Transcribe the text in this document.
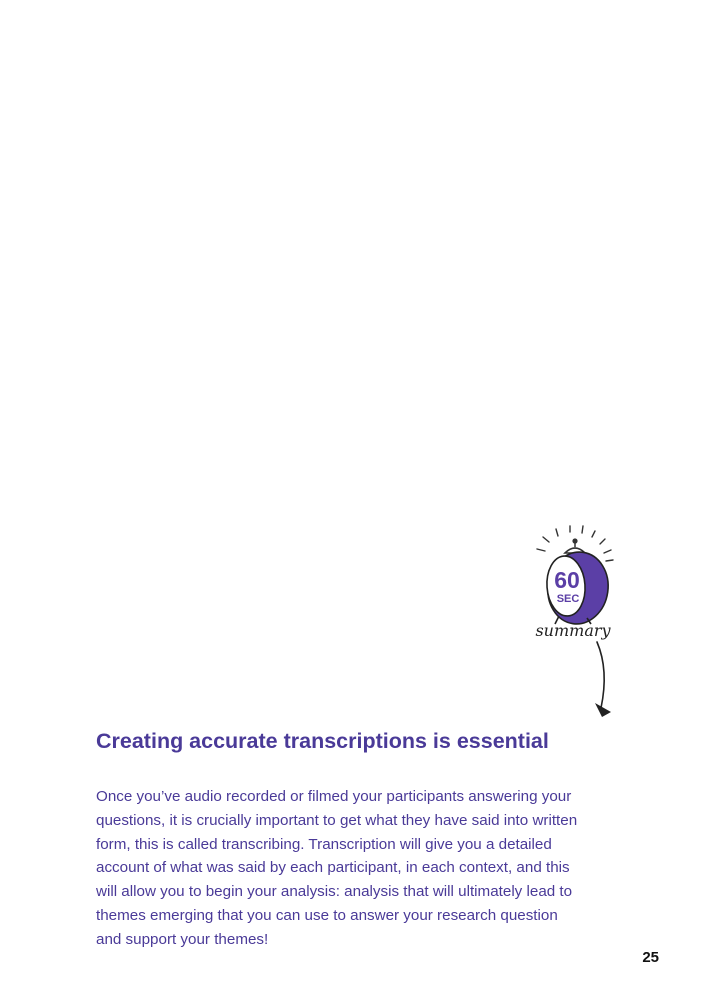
60
SEC
summary
Creating accurate transcriptions is essential
Once you’ve audio recorded or filmed your participants answering your
questions, it is crucially important to get what they have said into written
form, this is called transcribing. Transcription will give you a detailed
account of what was said by each participant, in each context, and this
will allow you to begin your analysis: analysis that will ultimately lead to
themes emerging that you can use to answer your research question
and support your themes!
25
